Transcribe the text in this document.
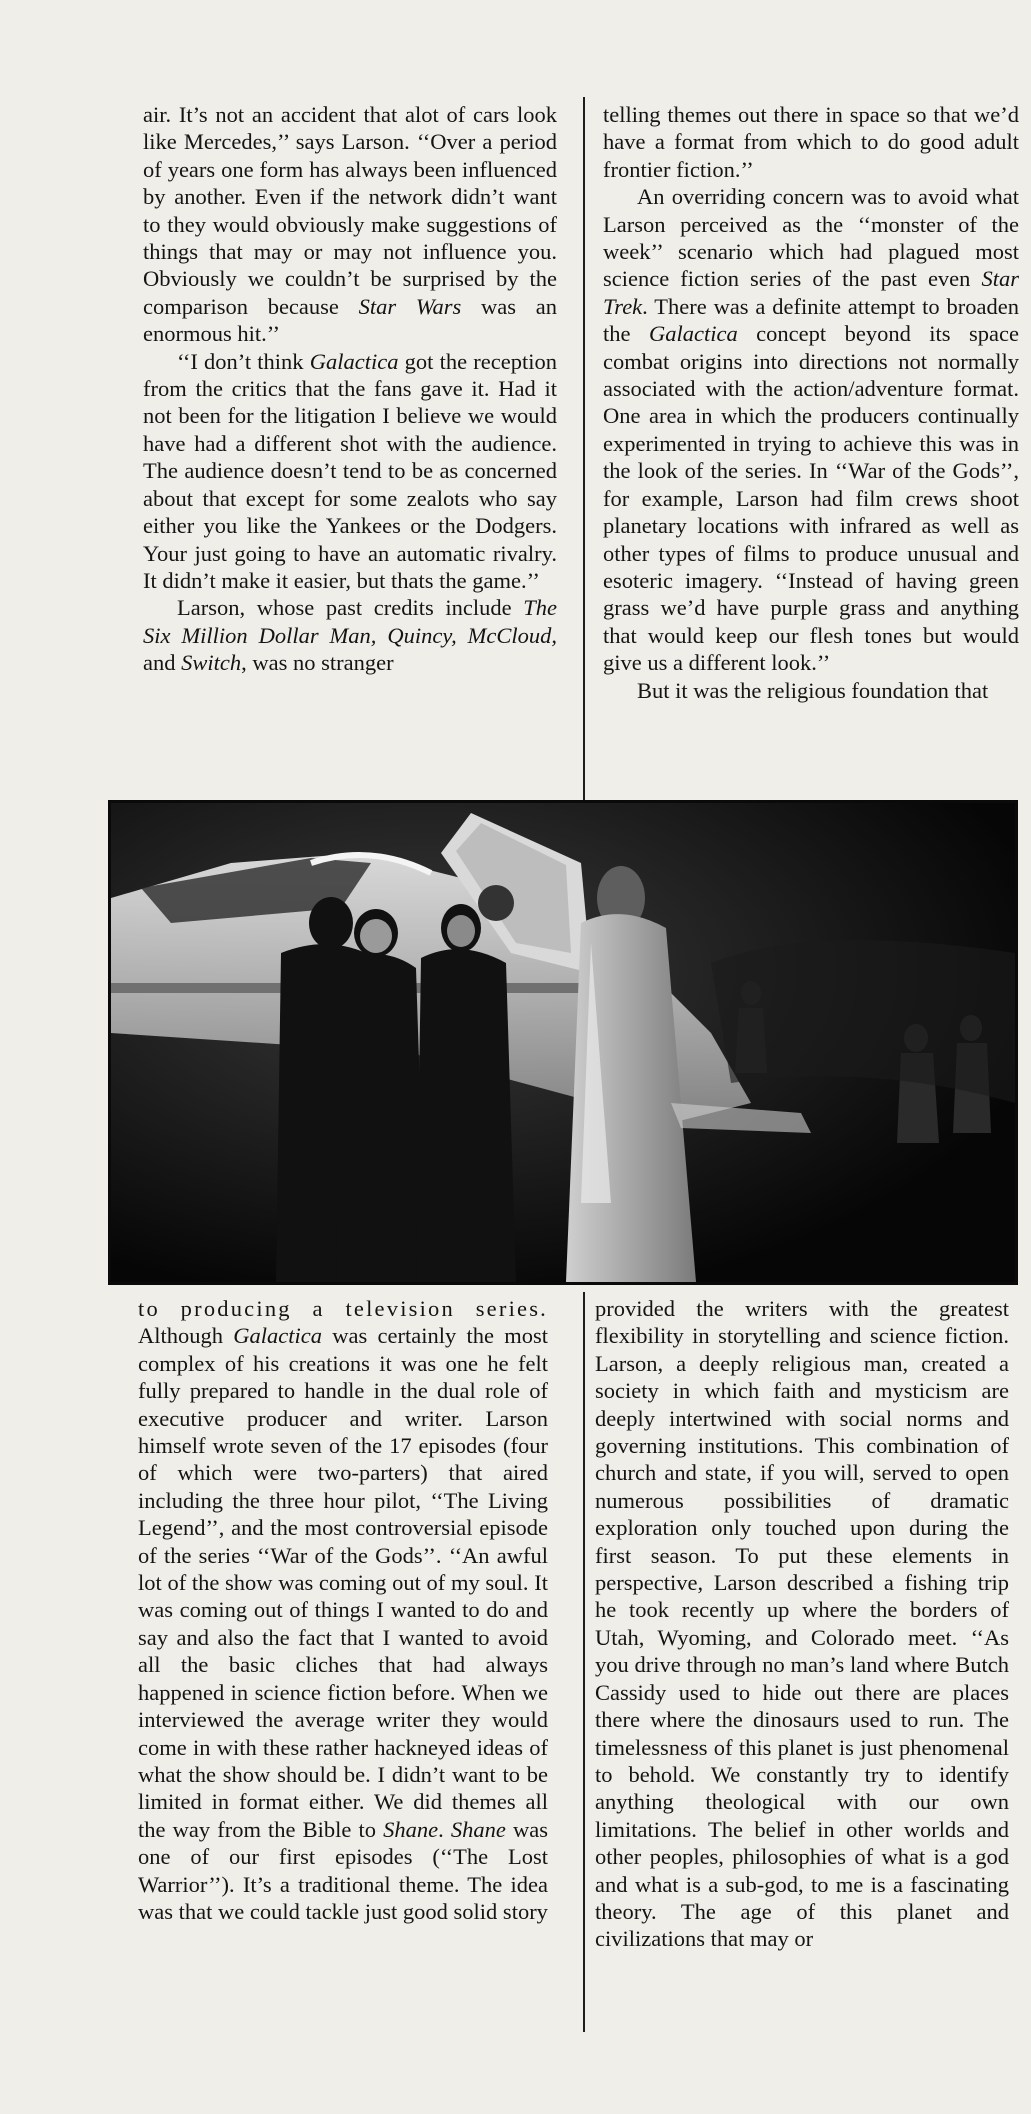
air. It’s not an accident that alot of cars look like Mercedes,’’ says Larson. ‘‘Over a period of years one form has always been influenced by another. Even if the network didn’t want to they would obviously make suggestions of things that may or may not influence you. Obviously we couldn’t be surprised by the comparison because Star Wars was an enormous hit.’’

‘‘I don’t think Galactica got the reception from the critics that the fans gave it. Had it not been for the litigation I believe we would have had a different shot with the audience. The audience doesn’t tend to be as concerned about that except for some zealots who say either you like the Yankees or the Dodgers. Your just going to have an automatic rivalry. It didn’t make it easier, but thats the game.’’

Larson, whose past credits include The Six Million Dollar Man, Quincy, McCloud, and Switch, was no stranger

telling themes out there in space so that we’d have a format from which to do good adult frontier fiction.’’

An overriding concern was to avoid what Larson perceived as the ‘‘monster of the week’’ scenario which had plagued most science fiction series of the past even Star Trek. There was a definite attempt to broaden the Galactica concept beyond its space combat origins into directions not normally associated with the action/adventure format. One area in which the producers continually experimented in trying to achieve this was in the look of the series. In ‘‘War of the Gods’’, for example, Larson had film crews shoot planetary locations with infrared as well as other types of films to produce unusual and esoteric imagery. ‘‘Instead of having green grass we’d have purple grass and anything that would keep our flesh tones but would give us a different look.’’

But it was the religious foundation that

to producing a television series. Although Galactica was certainly the most complex of his creations it was one he felt fully prepared to handle in the dual role of executive producer and writer. Larson himself wrote seven of the 17 episodes (four of which were two-parters) that aired including the three hour pilot, ‘‘The Living Legend’’, and the most controversial episode of the series ‘‘War of the Gods’’. ‘‘An awful lot of the show was coming out of my soul. It was coming out of things I wanted to do and say and also the fact that I wanted to avoid all the basic cliches that had always happened in science fiction before. When we interviewed the average writer they would come in with these rather hackneyed ideas of what the show should be. I didn’t want to be limited in format either. We did themes all the way from the Bible to Shane. Shane was one of our first episodes (‘‘The Lost Warrior’’). It’s a traditional theme. The idea was that we could tackle just good solid story

provided the writers with the greatest flexibility in storytelling and science fiction. Larson, a deeply religious man, created a society in which faith and mysticism are deeply intertwined with social norms and governing institutions. This combination of church and state, if you will, served to open numerous possibilities of dramatic exploration only touched upon during the first season. To put these elements in perspective, Larson described a fishing trip he took recently up where the borders of Utah, Wyoming, and Colorado meet. ‘‘As you drive through no man’s land where Butch Cassidy used to hide out there are places there where the dinosaurs used to run. The timelessness of this planet is just phenomenal to behold. We constantly try to identify anything theological with our own limitations. The belief in other worlds and other peoples, philosophies of what is a god and what is a sub-god, to me is a fascinating theory. The age of this planet and civilizations that may or
